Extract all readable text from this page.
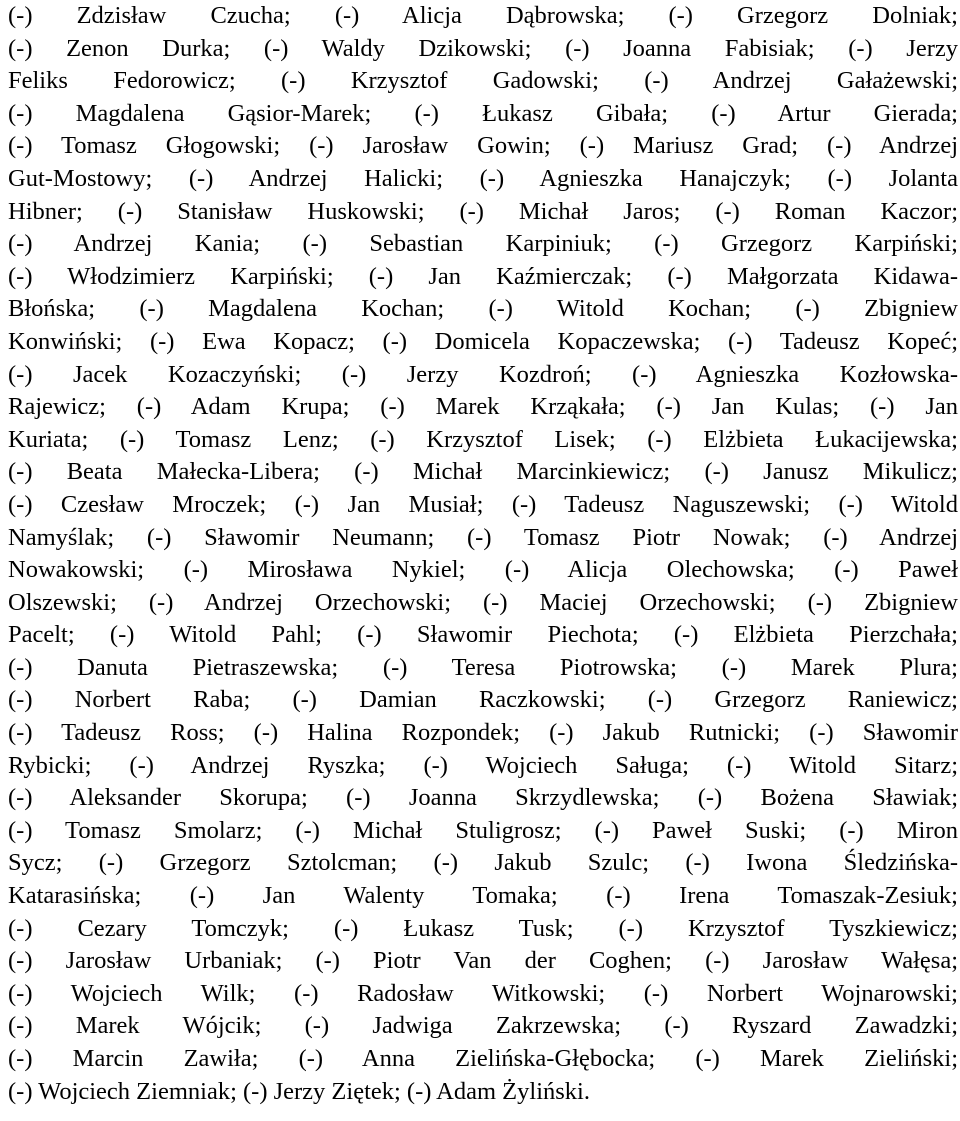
(-) Zdzisław Czucha; (-) Alicja Dąbrowska; (-) Grzegorz Dolniak;
(-) Zenon Durka; (-) Waldy Dzikowski; (-) Joanna Fabisiak; (-) Jerzy
Feliks Fedorowicz; (-) Krzysztof Gadowski; (-) Andrzej Gałażewski;
(-) Magdalena Gąsior-Marek; (-) Łukasz Gibała; (-) Artur Gierada;
(-) Tomasz Głogowski; (-) Jarosław Gowin; (-) Mariusz Grad; (-) Andrzej
Gut-Mostowy; (-) Andrzej Halicki; (-) Agnieszka Hanajczyk; (-) Jolanta
Hibner; (-) Stanisław Huskowski; (-) Michał Jaros; (-) Roman Kaczor;
(-) Andrzej Kania; (-) Sebastian Karpiniuk; (-) Grzegorz Karpiński;
(-) Włodzimierz Karpiński; (-) Jan Kaźmierczak; (-) Małgorzata Kidawa-
Błońska; (-) Magdalena Kochan; (-) Witold Kochan; (-) Zbigniew
Konwiński; (-) Ewa Kopacz; (-) Domicela Kopaczewska; (-) Tadeusz Kopeć;
(-) Jacek Kozaczyński; (-) Jerzy Kozdroń; (-) Agnieszka Kozłowska-
Rajewicz; (-) Adam Krupa; (-) Marek Krząkała; (-) Jan Kulas; (-) Jan
Kuriata; (-) Tomasz Lenz; (-) Krzysztof Lisek; (-) Elżbieta Łukacijewska;
(-) Beata Małecka-Libera; (-) Michał Marcinkiewicz; (-) Janusz Mikulicz;
(-) Czesław Mroczek; (-) Jan Musiał; (-) Tadeusz Naguszewski; (-) Witold
Namyślak; (-) Sławomir Neumann; (-) Tomasz Piotr Nowak; (-) Andrzej
Nowakowski; (-) Mirosława Nykiel; (-) Alicja Olechowska; (-) Paweł
Olszewski; (-) Andrzej Orzechowski; (-) Maciej Orzechowski; (-) Zbigniew
Pacelt; (-) Witold Pahl; (-) Sławomir Piechota; (-) Elżbieta Pierzchała;
(-) Danuta Pietraszewska; (-) Teresa Piotrowska; (-) Marek Plura;
(-) Norbert Raba; (-) Damian Raczkowski; (-) Grzegorz Raniewicz;
(-) Tadeusz Ross; (-) Halina Rozpondek; (-) Jakub Rutnicki; (-) Sławomir
Rybicki; (-) Andrzej Ryszka; (-) Wojciech Saługa; (-) Witold Sitarz;
(-) Aleksander Skorupa; (-) Joanna Skrzydlewska; (-) Bożena Sławiak;
(-) Tomasz Smolarz; (-) Michał Stuligrosz; (-) Paweł Suski; (-) Miron
Sycz; (-) Grzegorz Sztolcman; (-) Jakub Szulc; (-) Iwona Śledzińska-
Katarasińska; (-) Jan Walenty Tomaka; (-) Irena Tomaszak-Zesiuk;
(-) Cezary Tomczyk; (-) Łukasz Tusk; (-) Krzysztof Tyszkiewicz;
(-) Jarosław Urbaniak; (-) Piotr Van der Coghen; (-) Jarosław Wałęsa;
(-) Wojciech Wilk; (-) Radosław Witkowski; (-) Norbert Wojnarowski;
(-) Marek Wójcik; (-) Jadwiga Zakrzewska; (-) Ryszard Zawadzki;
(-) Marcin Zawiła; (-) Anna Zielińska-Głębocka; (-) Marek Zieliński;
(-) Wojciech Ziemniak; (-) Jerzy Ziętek; (-) Adam Żyliński.
